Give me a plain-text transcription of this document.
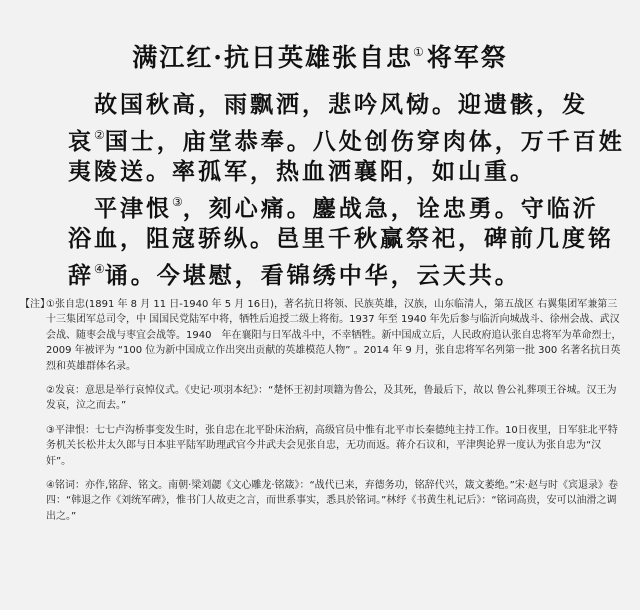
满江红·抗日英雄张自忠①将军祭
故国秋高，雨飘洒，悲吟风恸。迎遗骸，发
哀②国士，庙堂恭奉。八处创伤穿肉体，万千百姓
夷陵送。率孤军，热血洒襄阳，如山重。
平津恨③，刻心痛。鏖战急，诠忠勇。守临沂
浴血，阻寇骄纵。邑里千秋赢祭祀，碑前几度铭
辞④诵。今堪慰，看锦绣中华，云天共。
【注】

①张自忠(1891 年 8 月 11 日-1940 年 5 月 16日)，著名抗日将领、民族英雄，汉族，山东临清人，第五战区 右翼集团军兼第三十三集团军总司令，中 国国民党陆军中将，牺牲后追授二级上将衔。1937 年至 1940 年先后参与临沂向城战斗、徐州会战、武汉会战、随枣会战与枣宜会战等。1940　年在襄阳与日军战斗中，不幸牺牲。新中国成立后，人民政府追认张自忠将军为革命烈士，2009 年被评为 “100 位为新中国成立作出突出贡献的英雄模范人物” 。2014 年 9 月，张自忠将军名列第一批 300 名著名抗日英烈和英雄群体名录。

②发哀：意思是举行哀悼仪式。《史记·项羽本纪》：“楚怀王初封项籍为鲁公，及其死，鲁最后下，故以 鲁公礼葬项王谷城。汉王为发哀，泣之而去。”

③平津恨：七七卢沟桥事变发生时，张自忠在北平卧床治病，高级官员中惟有北平市长秦德纯主持工作。10日夜里，日军驻北平特务机关长松井太久郎与日本驻平陆军助理武官今井武夫会见张自忠，无功而返。蒋介石议和，平津舆论界一度认为张自忠为“汉奸”。

④铭词：亦作,铭辞、铭文。南朝·梁刘勰《文心雕龙·铭箴》：“战代已来，弃德务功，铭辞代兴，箴文萎绝。”宋·赵与时《宾退录》卷四：“韩退之作《刘统军碑》，惟书门人故吏之言，而世系事实，悉具於铭词。”林纾《书黄生札记后》：“铭词高贵，安可以油滑之调出之。”
